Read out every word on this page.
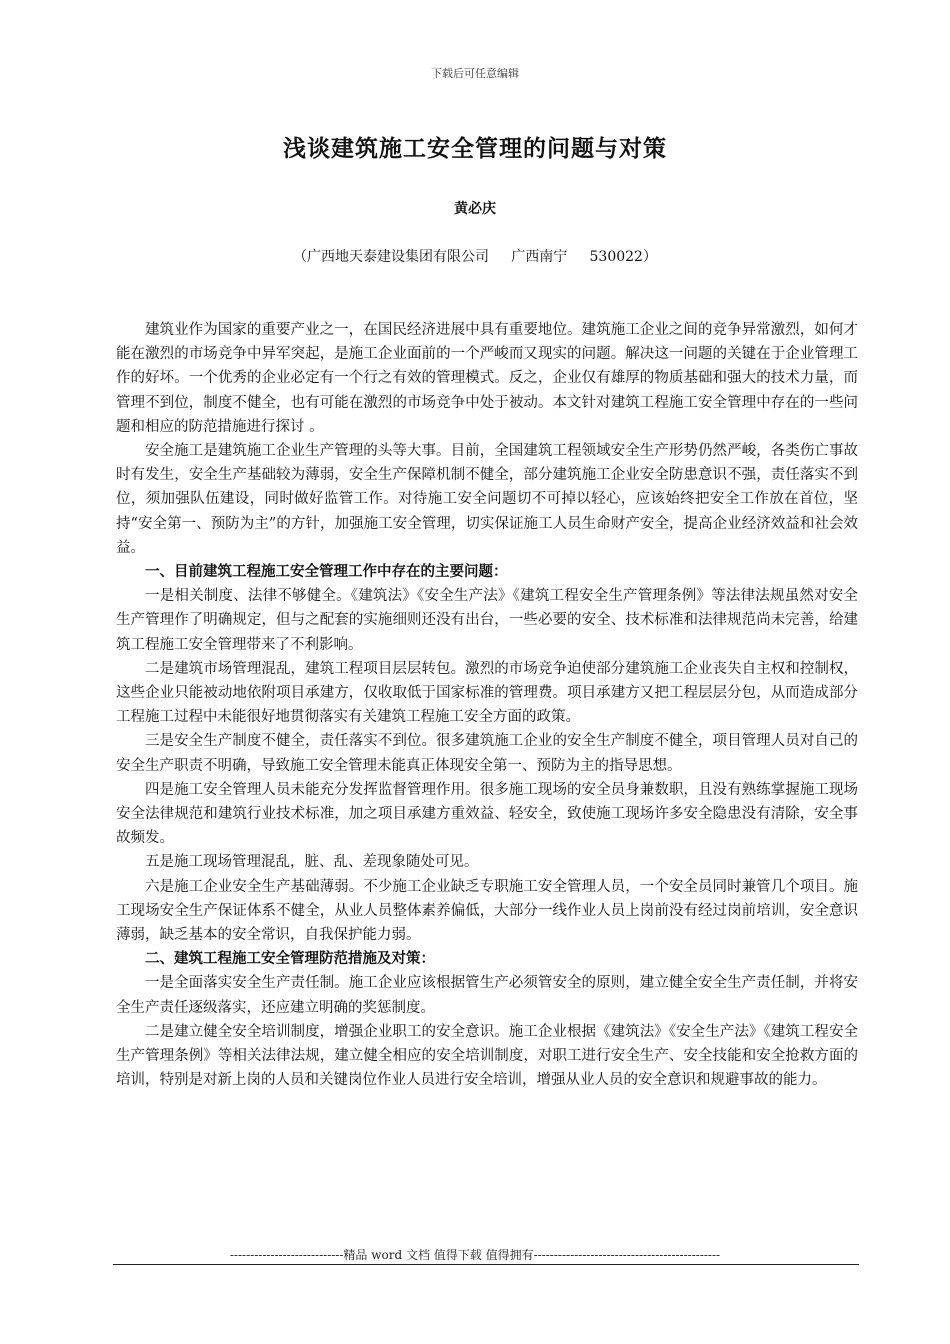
下载后可任意编辑
浅谈建筑施工安全管理的问题与对策
黄必庆
（广西地天泰建设集团有限公司     广西南宁     530022）

建筑业作为国家的重要产业之一，在国民经济进展中具有重要地位。建筑施工企业之间的竞争异常激烈，如何才能在激烈的市场竞争中异军突起，是施工企业面前的一个严峻而又现实的问题。解决这一问题的关键在于企业管理工作的好坏。一个优秀的企业必定有一个行之有效的管理模式。反之，企业仅有雄厚的物质基础和强大的技术力量，而管理不到位，制度不健全，也有可能在激烈的市场竞争中处于被动。本文针对建筑工程施工安全管理中存在的一些问题和相应的防范措施进行探讨 。

安全施工是建筑施工企业生产管理的头等大事。目前，全国建筑工程领域安全生产形势仍然严峻，各类伤亡事故时有发生，安全生产基础较为薄弱，安全生产保障机制不健全，部分建筑施工企业安全防患意识不强，责任落实不到位，须加强队伍建设，同时做好监管工作。对待施工安全问题切不可掉以轻心，应该始终把安全工作放在首位，坚持“安全第一、预防为主”的方针，加强施工安全管理，切实保证施工人员生命财产安全，提高企业经济效益和社会效益。

一、目前建筑工程施工安全管理工作中存在的主要问题：

一是相关制度、法律不够健全。《建筑法》《安全生产法》《建筑工程安全生产管理条例》等法律法规虽然对安全生产管理作了明确规定，但与之配套的实施细则还没有出台，一些必要的安全、技术标准和法律规范尚未完善，给建筑工程施工安全管理带来了不利影响。

二是建筑市场管理混乱，建筑工程项目层层转包。激烈的市场竞争迫使部分建筑施工企业丧失自主权和控制权，这些企业只能被动地依附项目承建方，仅收取低于国家标准的管理费。项目承建方又把工程层层分包，从而造成部分工程施工过程中未能很好地贯彻落实有关建筑工程施工安全方面的政策。

三是安全生产制度不健全，责任落实不到位。很多建筑施工企业的安全生产制度不健全，项目管理人员对自己的安全生产职责不明确，导致施工安全管理未能真正体现安全第一、预防为主的指导思想。

四是施工安全管理人员未能充分发挥监督管理作用。很多施工现场的安全员身兼数职，且没有熟练掌握施工现场安全法律规范和建筑行业技术标准，加之项目承建方重效益、轻安全，致使施工现场许多安全隐患没有清除，安全事故频发。

五是施工现场管理混乱，脏、乱、差现象随处可见。

六是施工企业安全生产基础薄弱。不少施工企业缺乏专职施工安全管理人员，一个安全员同时兼管几个项目。施工现场安全生产保证体系不健全，从业人员整体素养偏低，大部分一线作业人员上岗前没有经过岗前培训，安全意识薄弱，缺乏基本的安全常识，自我保护能力弱。

二、建筑工程施工安全管理防范措施及对策：

一是全面落实安全生产责任制。施工企业应该根据管生产必须管安全的原则，建立健全安全生产责任制，并将安全生产责任逐级落实，还应建立明确的奖惩制度。

二是建立健全安全培训制度，增强企业职工的安全意识。施工企业根据《建筑法》《安全生产法》《建筑工程安全生产管理条例》等相关法律法规，建立健全相应的安全培训制度，对职工进行安全生产、安全技能和安全抢救方面的培训，特别是对新上岗的人员和关键岗位作业人员进行安全培训，增强从业人员的安全意识和规避事故的能力。

----------------------------精品 word 文档 值得下载 值得拥有----------------------------------------------
